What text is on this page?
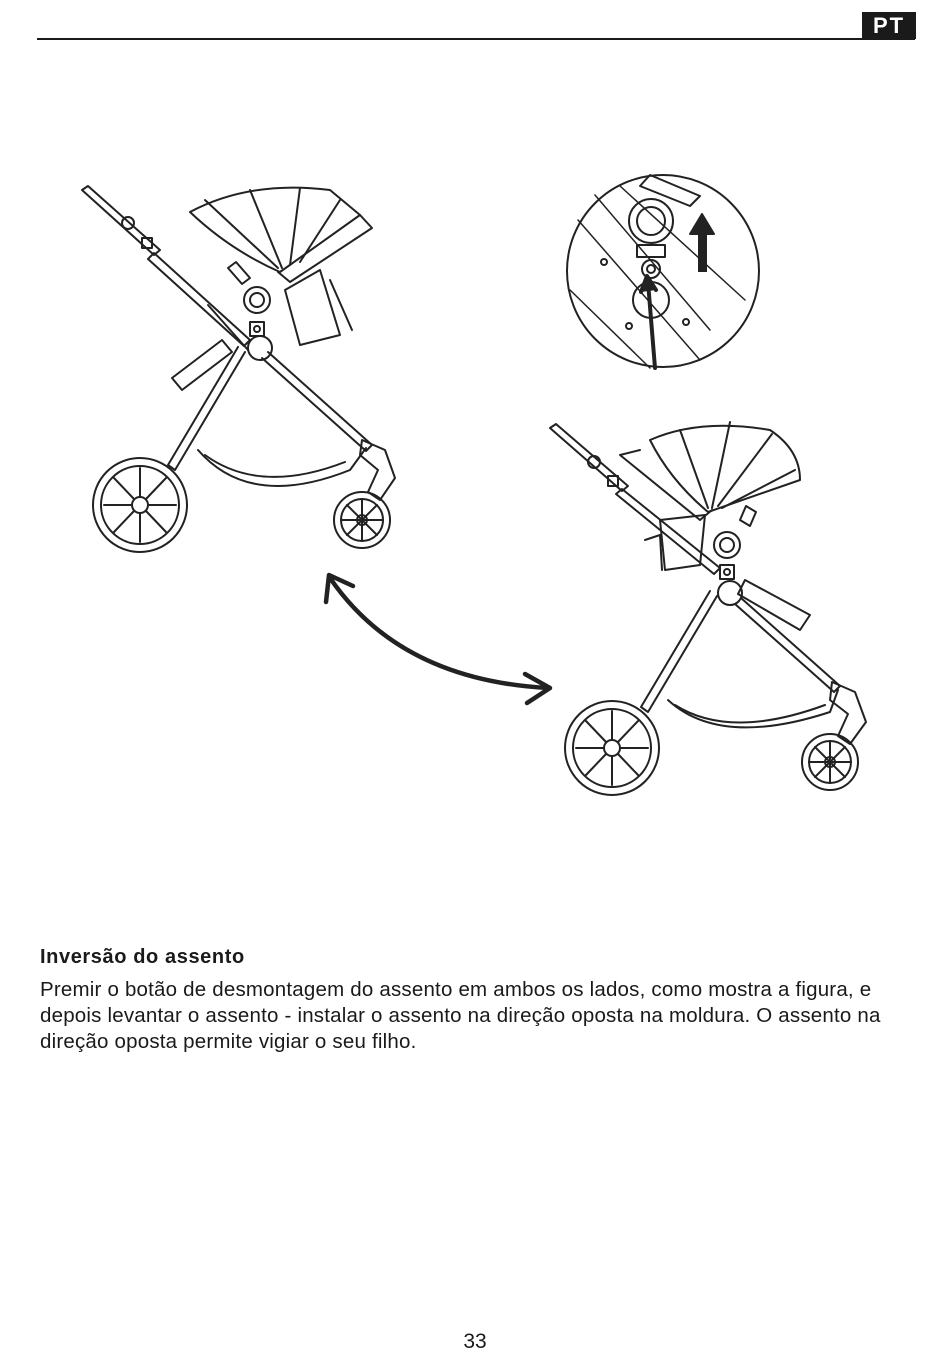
PT
Inversão do assento

Premir o botão de desmontagem do assento em ambos os lados, como mostra a figura, e depois levantar o assento - instalar o assento na direção oposta na moldura. O assento na direção oposta permite vigiar o seu filho.

33
